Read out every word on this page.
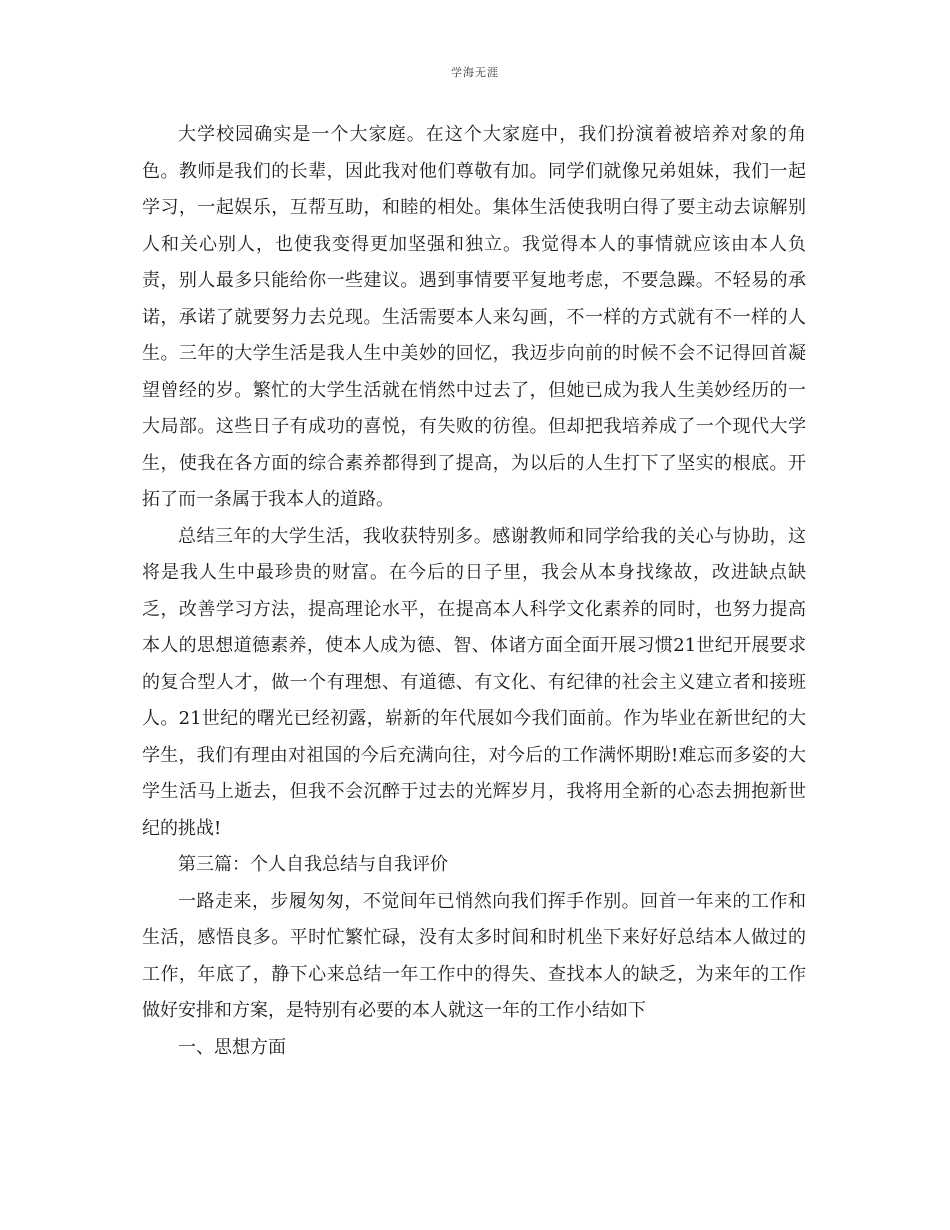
学海无涯

大学校园确实是一个大家庭。在这个大家庭中，我们扮演着被培养对象的角色。教师是我们的长辈，因此我对他们尊敬有加。同学们就像兄弟姐妹，我们一起学习，一起娱乐，互帮互助，和睦的相处。集体生活使我明白得了要主动去谅解别人和关心别人，也使我变得更加坚强和独立。我觉得本人的事情就应该由本人负责，别人最多只能给你一些建议。遇到事情要平复地考虑，不要急躁。不轻易的承诺，承诺了就要努力去兑现。生活需要本人来勾画，不一样的方式就有不一样的人生。三年的大学生活是我人生中美妙的回忆，我迈步向前的时候不会不记得回首凝望曾经的岁。繁忙的大学生活就在悄然中过去了，但她已成为我人生美妙经历的一大局部。这些日子有成功的喜悦，有失败的彷徨。但却把我培养成了一个现代大学生，使我在各方面的综合素养都得到了提高，为以后的人生打下了坚实的根底。开拓了而一条属于我本人的道路。

总结三年的大学生活，我收获特别多。感谢教师和同学给我的关心与协助，这将是我人生中最珍贵的财富。在今后的日子里，我会从本身找缘故，改进缺点缺乏，改善学习方法，提高理论水平，在提高本人科学文化素养的同时，也努力提高本人的思想道德素养，使本人成为德、智、体诸方面全面开展习惯21世纪开展要求的复合型人才，做一个有理想、有道德、有文化、有纪律的社会主义建立者和接班人。21世纪的曙光已经初露，崭新的年代展如今我们面前。作为毕业在新世纪的大学生，我们有理由对祖国的今后充满向往，对今后的工作满怀期盼!难忘而多姿的大学生活马上逝去，但我不会沉醉于过去的光辉岁月，我将用全新的心态去拥抱新世纪的挑战!

第三篇：个人自我总结与自我评价

一路走来，步履匆匆，不觉间年已悄然向我们挥手作别。回首一年来的工作和生活，感悟良多。平时忙繁忙碌，没有太多时间和时机坐下来好好总结本人做过的工作，年底了，静下心来总结一年工作中的得失、查找本人的缺乏，为来年的工作做好安排和方案，是特别有必要的本人就这一年的工作小结如下

一、思想方面
